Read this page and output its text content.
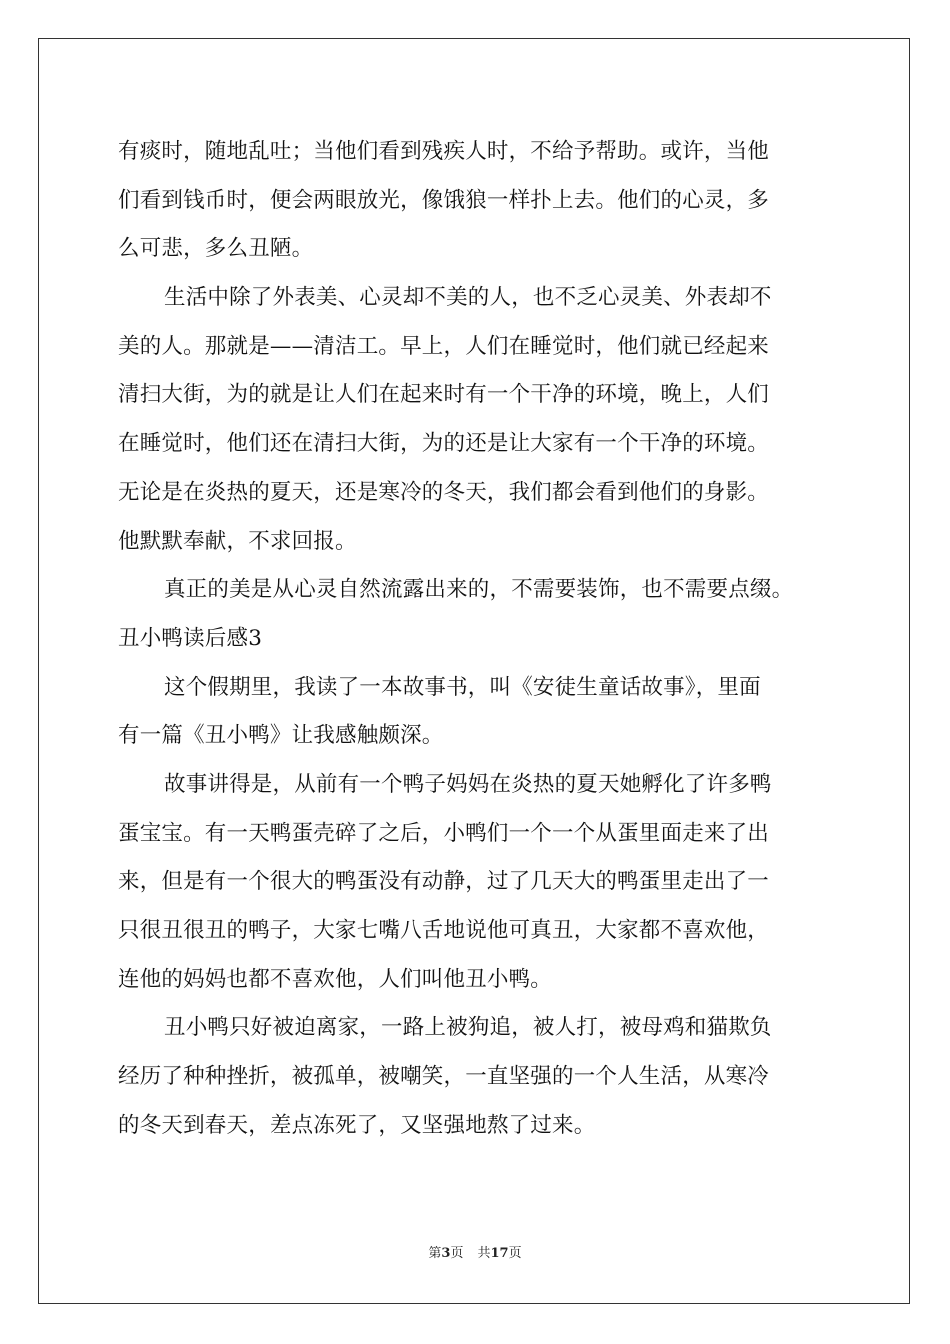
有痰时，随地乱吐；当他们看到残疾人时，不给予帮助。或许，当他
们看到钱币时，便会两眼放光，像饿狼一样扑上去。他们的心灵，多
么可悲，多么丑陋。
生活中除了外表美、心灵却不美的人，也不乏心灵美、外表却不
美的人。那就是——清洁工。早上，人们在睡觉时，他们就已经起来
清扫大街，为的就是让人们在起来时有一个干净的环境，晚上，人们
在睡觉时，他们还在清扫大街，为的还是让大家有一个干净的环境。
无论是在炎热的夏天，还是寒冷的冬天，我们都会看到他们的身影。
他默默奉献，不求回报。
真正的美是从心灵自然流露出来的，不需要装饰，也不需要点缀。
丑小鸭读后感3
这个假期里，我读了一本故事书，叫《安徒生童话故事》，里面
有一篇《丑小鸭》让我感触颇深。
故事讲得是，从前有一个鸭子妈妈在炎热的夏天她孵化了许多鸭
蛋宝宝。有一天鸭蛋壳碎了之后，小鸭们一个一个从蛋里面走来了出
来，但是有一个很大的鸭蛋没有动静，过了几天大的鸭蛋里走出了一
只很丑很丑的鸭子，大家七嘴八舌地说他可真丑，大家都不喜欢他，
连他的妈妈也都不喜欢他，人们叫他丑小鸭。
丑小鸭只好被迫离家，一路上被狗追，被人打，被母鸡和猫欺负
经历了种种挫折，被孤单，被嘲笑，一直坚强的一个人生活，从寒冷
的冬天到春天，差点冻死了，又坚强地熬了过来。
第3页 共17页
